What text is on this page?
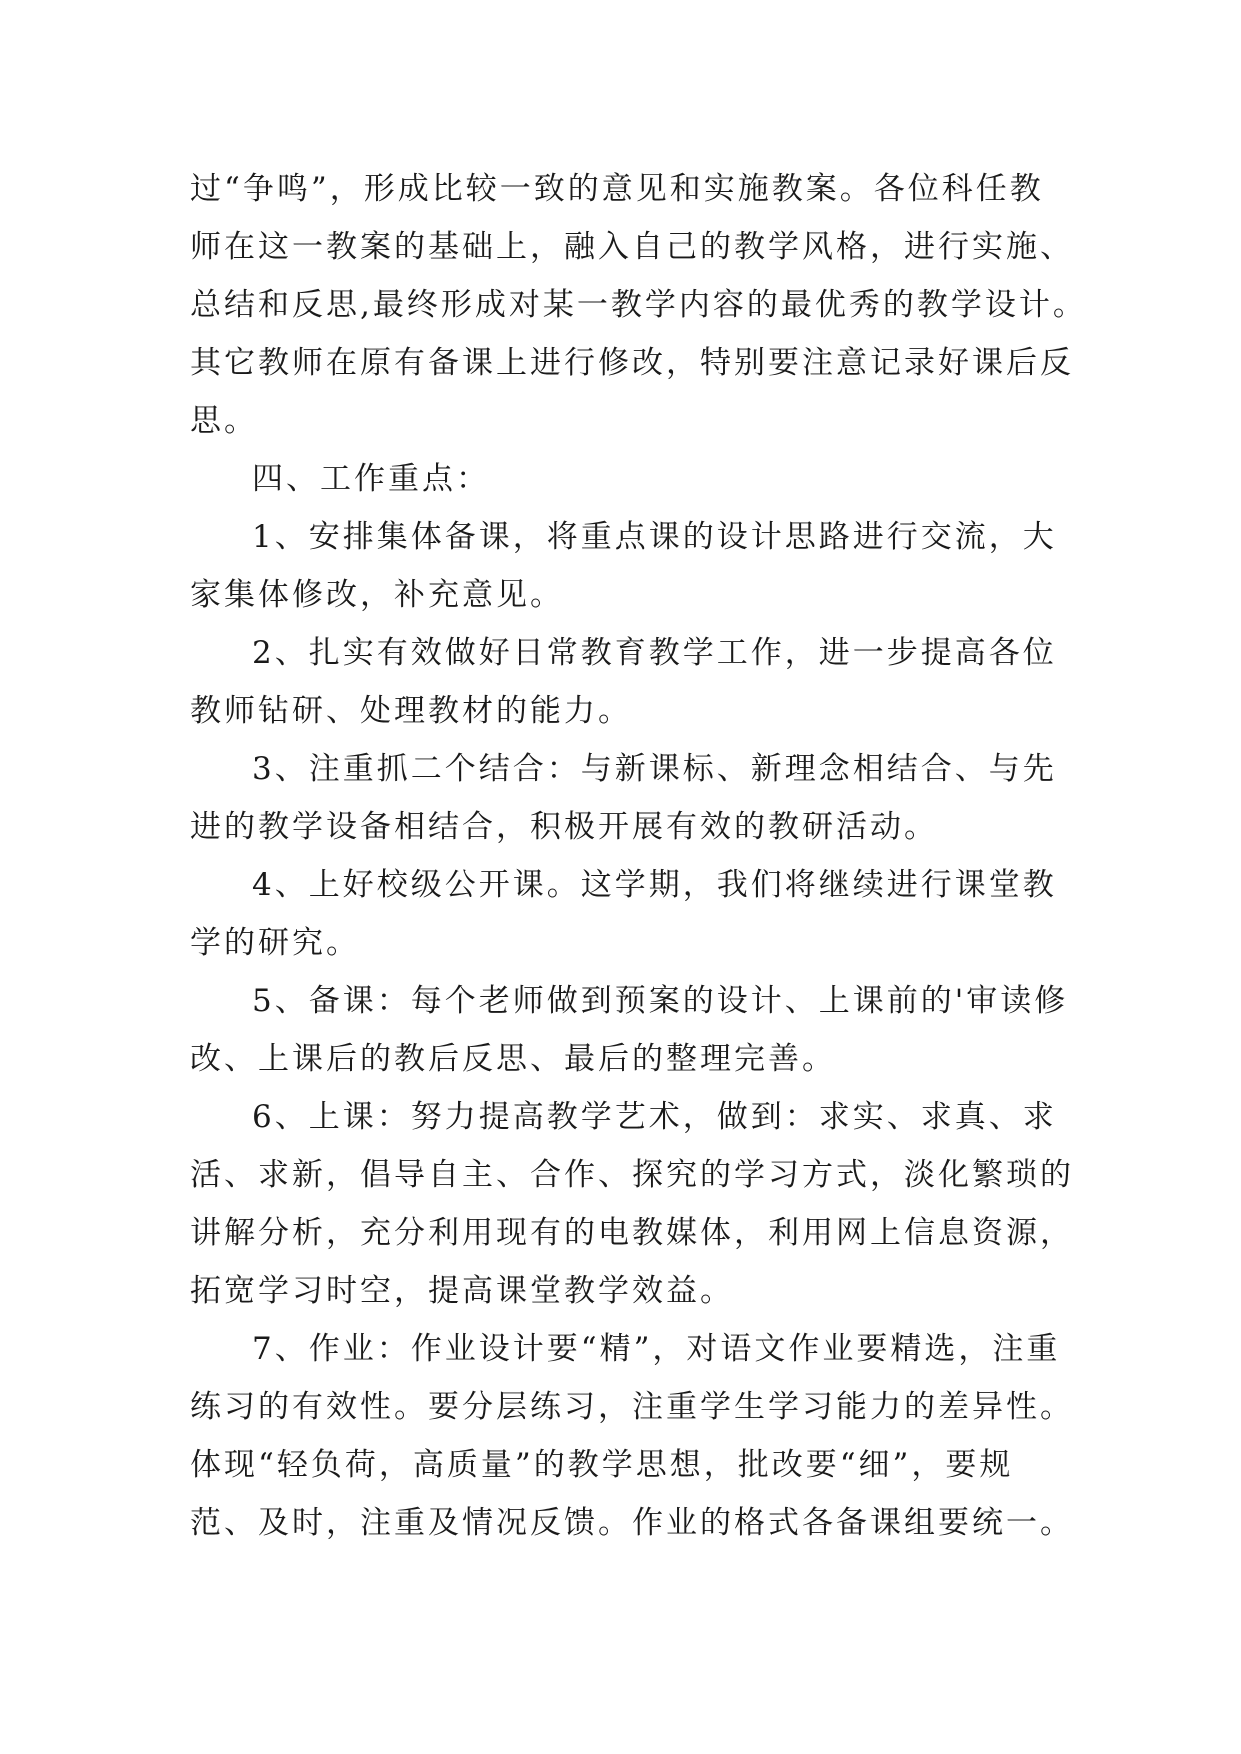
过“争鸣”，形成比较一致的意见和实施教案。各位科任教
师在这一教案的基础上，融入自己的教学风格，进行实施、
总结和反思,最终形成对某一教学内容的最优秀的教学设计。
其它教师在原有备课上进行修改，特别要注意记录好课后反
思。
四、工作重点：
1、安排集体备课，将重点课的设计思路进行交流，大
家集体修改，补充意见。
2、扎实有效做好日常教育教学工作，进一步提高各位
教师钻研、处理教材的能力。
3、注重抓二个结合：与新课标、新理念相结合、与先
进的教学设备相结合，积极开展有效的教研活动。
4、上好校级公开课。这学期，我们将继续进行课堂教
学的研究。
5、备课：每个老师做到预案的设计、上课前的'审读修
改、上课后的教后反思、最后的整理完善。
6、上课：努力提高教学艺术，做到：求实、求真、求
活、求新，倡导自主、合作、探究的学习方式，淡化繁琐的
讲解分析，充分利用现有的电教媒体，利用网上信息资源，
拓宽学习时空，提高课堂教学效益。
7、作业：作业设计要“精”，对语文作业要精选，注重
练习的有效性。要分层练习，注重学生学习能力的差异性。
体现“轻负荷，高质量”的教学思想，批改要“细”，要规
范、及时，注重及情况反馈。作业的格式各备课组要统一。
